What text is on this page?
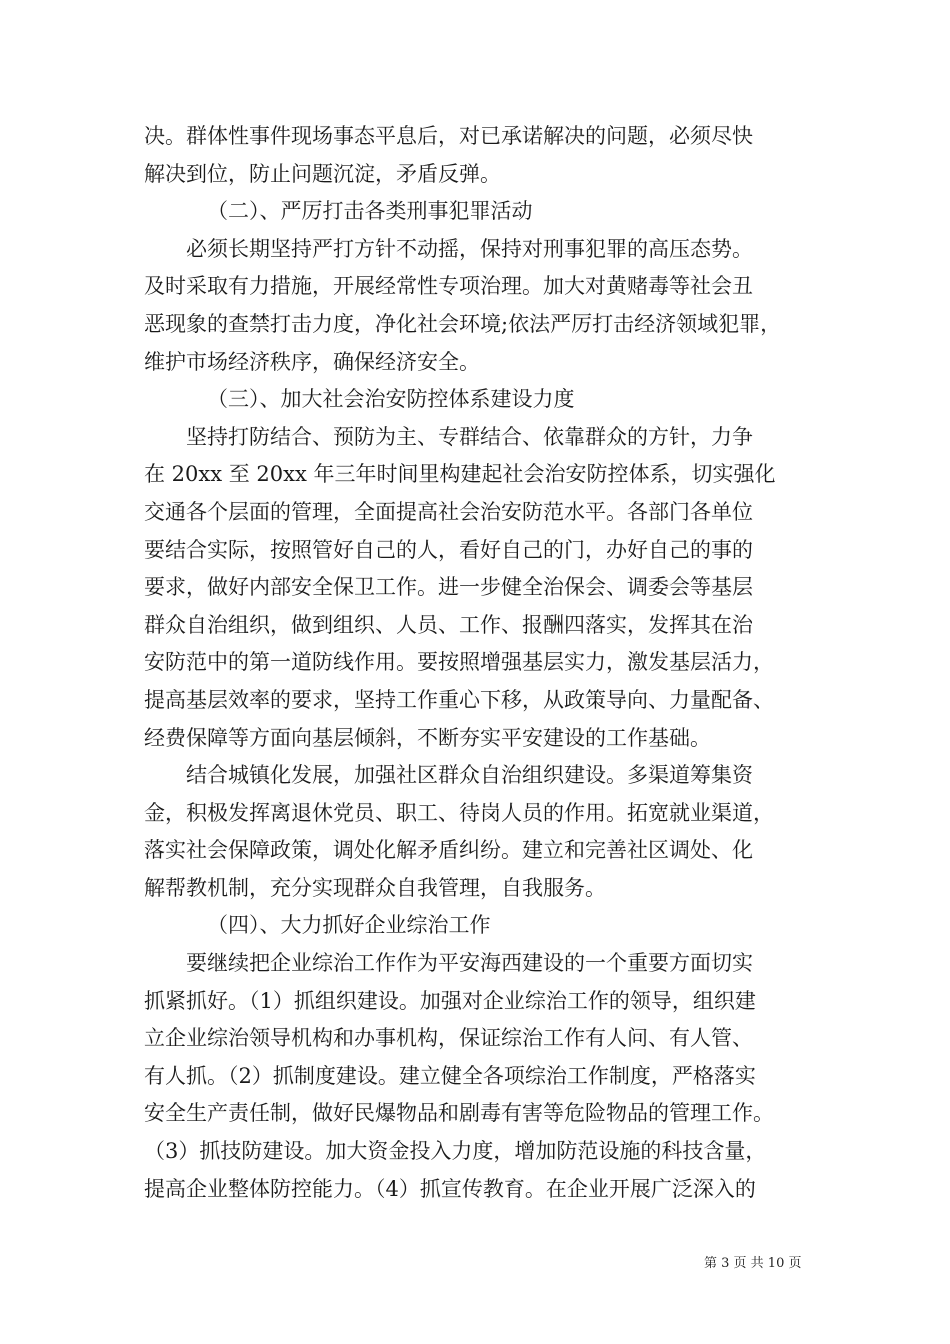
决。群体性事件现场事态平息后，对已承诺解决的问题，必须尽快
解决到位，防止问题沉淀，矛盾反弹。
（二）、严厉打击各类刑事犯罪活动
必须长期坚持严打方针不动摇，保持对刑事犯罪的高压态势。
及时采取有力措施，开展经常性专项治理。加大对黄赌毒等社会丑
恶现象的查禁打击力度，净化社会环境;依法严厉打击经济领域犯罪，
维护市场经济秩序，确保经济安全。
（三）、加大社会治安防控体系建设力度
坚持打防结合、预防为主、专群结合、依靠群众的方针，力争
在 20xx 至 20xx 年三年时间里构建起社会治安防控体系，切实强化
交通各个层面的管理，全面提高社会治安防范水平。各部门各单位
要结合实际，按照管好自己的人，看好自己的门，办好自己的事的
要求，做好内部安全保卫工作。进一步健全治保会、调委会等基层
群众自治组织，做到组织、人员、工作、报酬四落实，发挥其在治
安防范中的第一道防线作用。要按照增强基层实力，激发基层活力，
提高基层效率的要求，坚持工作重心下移，从政策导向、力量配备、
经费保障等方面向基层倾斜，不断夯实平安建设的工作基础。
结合城镇化发展，加强社区群众自治组织建设。多渠道筹集资
金，积极发挥离退休党员、职工、待岗人员的作用。拓宽就业渠道，
落实社会保障政策，调处化解矛盾纠纷。建立和完善社区调处、化
解帮教机制，充分实现群众自我管理，自我服务。
（四）、大力抓好企业综治工作
要继续把企业综治工作作为平安海西建设的一个重要方面切实
抓紧抓好。（1）抓组织建设。加强对企业综治工作的领导，组织建
立企业综治领导机构和办事机构，保证综治工作有人问、有人管、
有人抓。（2）抓制度建设。建立健全各项综治工作制度，严格落实
安全生产责任制，做好民爆物品和剧毒有害等危险物品的管理工作。
（3）抓技防建设。加大资金投入力度，增加防范设施的科技含量，
提高企业整体防控能力。（4）抓宣传教育。在企业开展广泛深入的
第 3 页 共 10 页
